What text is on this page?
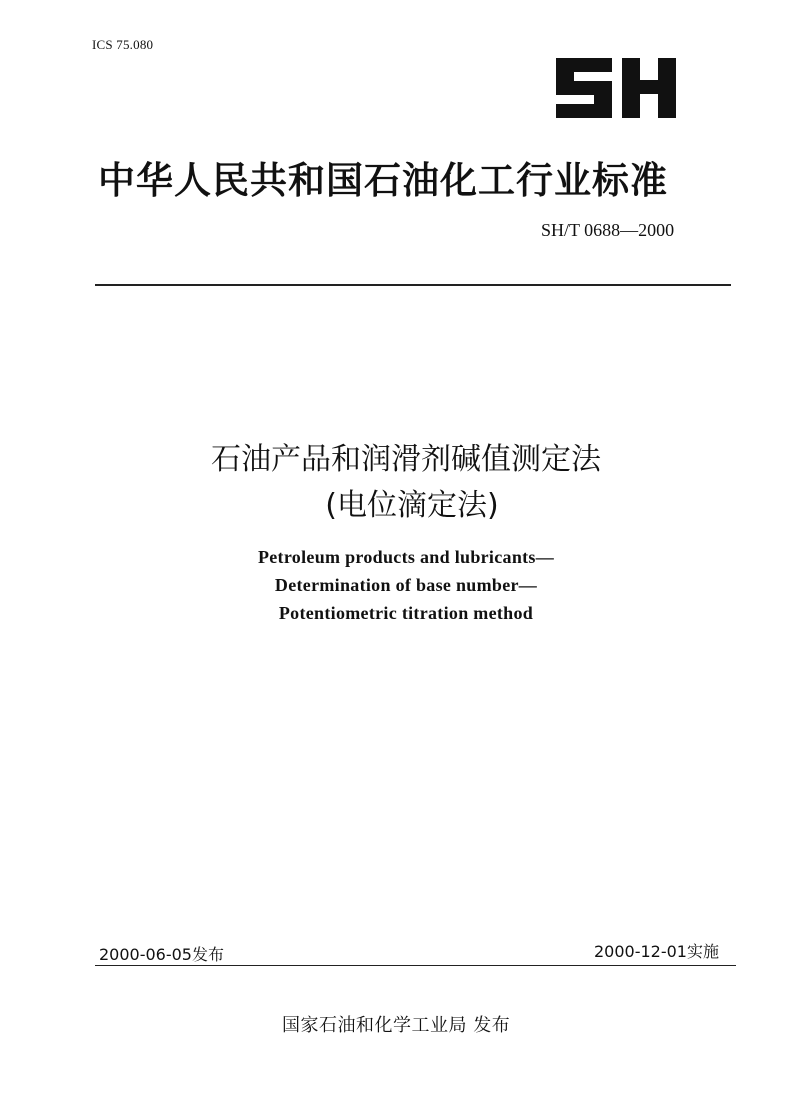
ICS 75.080
中华人民共和国石油化工行业标准
SH/T 0688—2000
石油产品和润滑剂碱值测定法
(电位滴定法)
Petroleum products and lubricants—
Determination of base number—
Potentiometric titration method
2000-06-05发布	2000-12-01实施
国家石油和化学工业局 发布
